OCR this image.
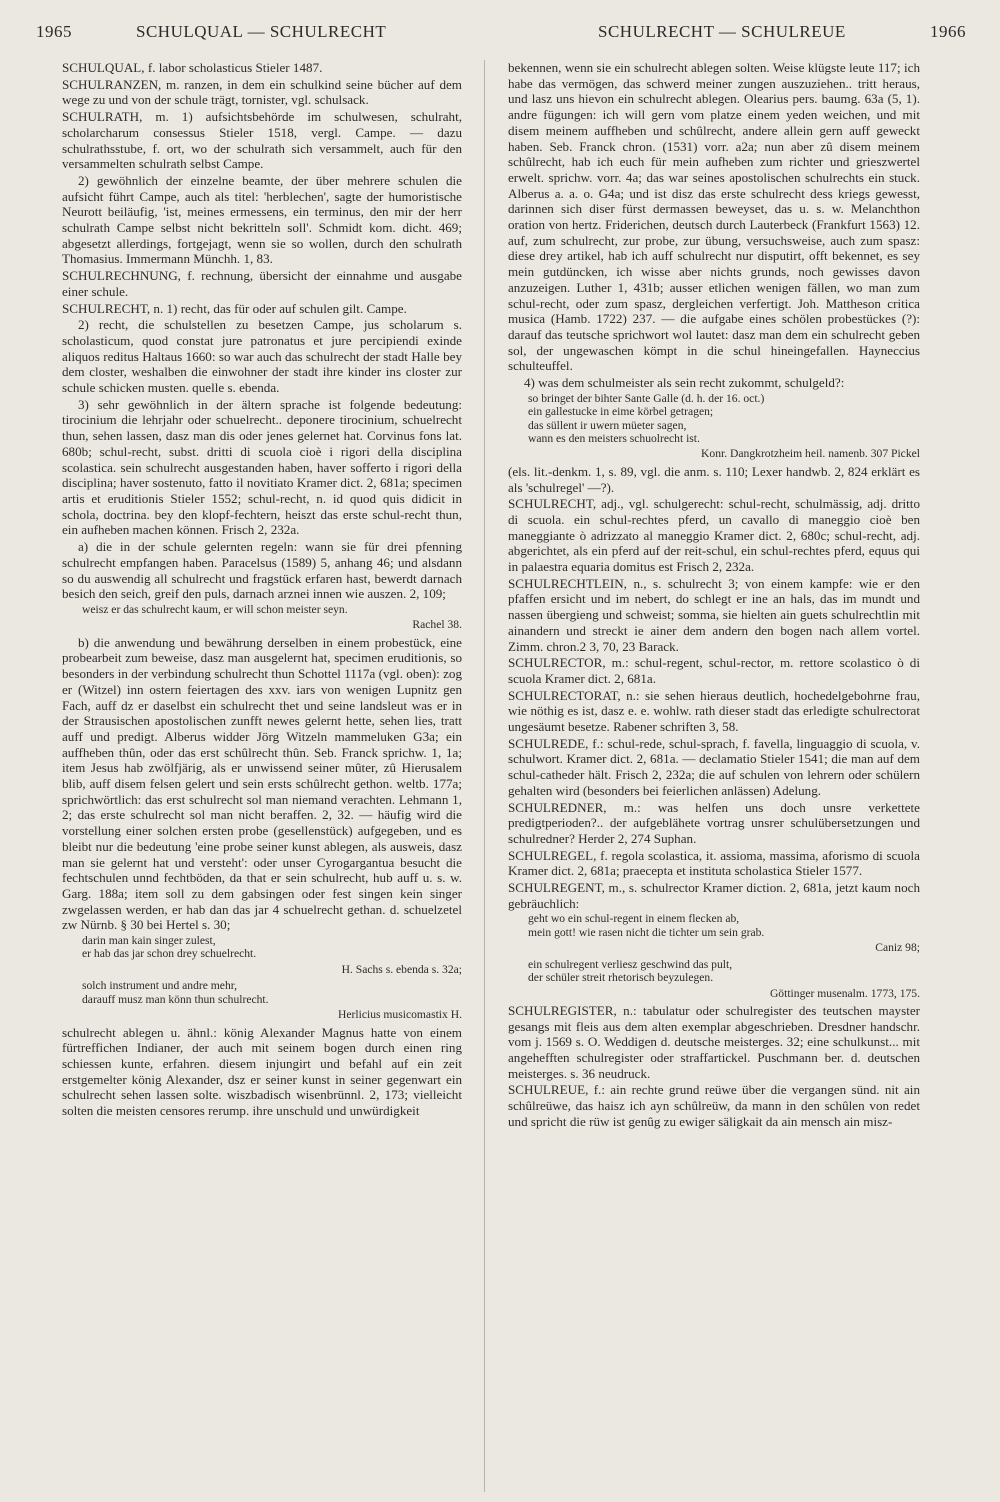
1965	SCHULQUAL — SCHULRECHT	SCHULRECHT — SCHULREUE	1966
SCHULQUAL, f. labor scholasticus Stieler 1487.
SCHULRANZEN, m. ranzen, in dem ein schulkind seine bücher auf dem wege zu und von der schule trägt, tornister, vgl. schulsack.
SCHULRATH, m. 1) aufsichtsbehörde im schulwesen, schulraht, scholarcharum consessus Stieler 1518, vergl. Campe. — dazu schulrathsstube, f. ort, wo der schulrath sich versammelt, auch für den versammelten schulrath selbst Campe.
2) gewöhnlich der einzelne beamte, der über mehrere schulen die aufsicht führt Campe, auch als titel: 'herblechen', sagte der humoristische Neurott beiläufig, 'ist, meines ermessens, ein terminus, den mir der herr schulrath Campe selbst nicht bekritteln soll'. Schmidt kom. dicht. 469; abgesetzt allerdings, fortgejagt, wenn sie so wollen, durch den schulrath Thomasius. Immermann Münchh. 1, 83.
SCHULRECHNUNG, f. rechnung, übersicht der einnahme und ausgabe einer schule.
SCHULRECHT, n. 1) recht, das für oder auf schulen gilt. Campe.
2) recht, die schulstellen zu besetzen Campe, jus scholarum s. scholasticum, quod constat jure patronatus et jure percipiendi exinde aliquos reditus Haltaus 1660: so war auch das schulrecht der stadt Halle bey dem closter, weshalben die einwohner der stadt ihre kinder ins closter zur schule schicken musten. quelle s. ebenda.
3) sehr gewöhnlich in der ältern sprache ist folgende bedeutung: tirocinium die lehrjahr oder schuelrecht.. deponere tirocinium, schuelrecht thun, sehen lassen, dasz man dis oder jenes gelernet hat. Corvinus fons lat. 680b; schul-recht, subst. dritti di scuola cioè i rigori della disciplina scolastica. sein schulrecht ausgestanden haben, haver sofferto i rigori della disciplina; haver sostenuto, fatto il novitiato Kramer dict. 2, 681a; specimen artis et eruditionis Stieler 1552; schul-recht, n. id quod quis didicit in schola, doctrina. bey den klopf-fechtern, heiszt das erste schul-recht thun, ein aufheben machen können. Frisch 2, 232a.
a) die in der schule gelernten regeln: wann sie für drei pfenning schulrecht empfangen haben. Paracelsus (1589) 5, anhang 46; und alsdann so du auswendig all schulrecht und fragstück erfaren hast, bewerdt darnach besich den seich, greif den puls, darnach arznei innen wie auszen. 2, 109;
weisz er das schulrecht kaum, er will schon meister seyn.
Rachel 38.
b) die anwendung und bewährung derselben in einem probestück, eine probearbeit zum beweise, dasz man ausgelernt hat, specimen eruditionis, so besonders in der verbindung schulrecht thun Schottel 1117a (vgl. oben): zog er (Witzel) inn ostern feiertagen des xxv. iars von wenigen Lupnitz gen Fach, auff dz er daselbst ein schulrecht thet und seine landsleut was er in der Strausischen apostolischen zunfft newes gelernt hette, sehen lies, tratt auff und predigt. Alberus widder Jörg Witzeln mammeluken G3a; ein auffheben thûn, oder das erst schûlrecht thûn. Seb. Franck sprichw. 1, 1a; item Jesus hab zwölfjärig, als er unwissend seiner mûter, zû Hierusalem blib, auff disem felsen gelert und sein ersts schûlrecht gethon. weltb. 177a; sprichwörtlich: das erst schulrecht sol man niemand verachten. Lehmann 1, 2; das erste schulrecht sol man nicht beraffen. 2, 32. — häufig wird die vorstellung einer solchen ersten probe (gesellenstück) aufgegeben, und es bleibt nur die bedeutung 'eine probe seiner kunst ablegen, als ausweis, dasz man sie gelernt hat und versteht': oder unser Cyrogargantua besucht die fechtschulen unnd fechtböden, da that er sein schulrecht, hub auff u. s. w. Garg. 188a; item soll zu dem gabsingen oder fest singen kein singer zwgelassen werden, er hab dan das jar 4 schuelrecht gethan. d. schuelzetel zw Nürnb. § 30 bei Hertel s. 30;
darin man kain singer zulest,
er hab das jar schon drey schuelrecht.
H. Sachs s. ebenda s. 32a;
solch instrument und andre mehr,
darauff musz man könn thun schulrecht.
Herlicius musicomastix H.
schulrecht ablegen u. ähnl.: könig Alexander Magnus hatte von einem fürtreffichen Indianer, der auch mit seinem bogen durch einen ring schiessen kunte, erfahren. diesem injungirt und befahl auf ein zeit erstgemelter könig Alexander, dsz er seiner kunst in seiner gegenwart ein schulrecht sehen lassen solte. wiszbadisch wisenbrünnl. 2, 173; vielleicht solten die meisten censores rerump. ihre unschuld und unwürdigkeit
bekennen, wenn sie ein schulrecht ablegen solten. Weise klügste leute 117; ich habe das vermögen, das schwerd meiner zungen auszuziehen.. tritt heraus, und lasz uns hievon ein schulrecht ablegen. Olearius pers. baumg. 63a (5, 1). andre fügungen: ich will gern vom platze einem yeden weichen, und mit disem meinem auffheben und schûlrecht, andere allein gern auff geweckt haben. Seb. Franck chron. (1531) vorr. a2a; nun aber zû disem meinem schûlrecht, hab ich euch für mein aufheben zum richter und grieszwertel erwelt. sprichw. vorr. 4a; das war seines apostolischen schulrechts ein stuck. Alberus a. a. o. G4a; und ist disz das erste schulrecht dess kriegs gewesst, darinnen sich diser fürst dermassen beweyset, das u. s. w. Melanchthon oration von hertz. Friderichen, deutsch durch Lauterbeck (Frankfurt 1563) 12. auf, zum schulrecht, zur probe, zur übung, versuchsweise, auch zum spasz: diese drey artikel, hab ich auff schulrecht nur disputirt, offt bekennet, es sey mein gutdüncken, ich wisse aber nichts grunds, noch gewisses davon anzuzeigen. Luther 1, 431b; ausser etlichen wenigen fällen, wo man zum schul-recht, oder zum spasz, dergleichen verfertigt. Joh. Mattheson critica musica (Hamb. 1722) 237. — die aufgabe eines schölen probestückes (?): darauf das teutsche sprichwort wol lautet: dasz man dem ein schulrecht geben sol, der ungewaschen kömpt in die schul hineingefallen. Hayneccius schulteuffel.
4) was dem schulmeister als sein recht zukommt, schulgeld?:
so bringet der bihter Sante Galle (d. h. der 16. oct.)
ein gallestucke in eime körbel getragen;
das süllent ir uwern müeter sagen,
wann es den meisters schuolrecht ist.
Konr. Dangkrotzheim heil. namenb. 307 Pickel
(els. lit.-denkm. 1, s. 89, vgl. die anm. s. 110; Lexer handwb. 2, 824 erklärt es als 'schulregel' —?).
SCHULRECHT, adj., vgl. schulgerecht: schul-recht, schulmässig, adj. dritto di scuola. ein schul-rechtes pferd, un cavallo di maneggio cioè ben maneggiante ò adrizzato al maneggio Kramer dict. 2, 680c; schul-recht, adj. abgerichtet, als ein pferd auf der reit-schul, ein schul-rechtes pferd, equus qui in palaestra equaria domitus est Frisch 2, 232a.
SCHULRECHTLEIN, n., s. schulrecht 3; von einem kampfe: wie er den pfaffen ersicht und im nebert, do schlegt er ine an hals, das im mundt und nassen übergieng und schweist; somma, sie hielten ain guets schulrechtlin mit ainandern und streckt ie ainer dem andern den bogen nach allem vortel. Zimm. chron.2 3, 70, 23 Barack.
SCHULRECTOR, m.: schul-regent, schul-rector, m. rettore scolastico ò di scuola Kramer dict. 2, 681a.
SCHULRECTORAT, n.: sie sehen hieraus deutlich, hochedelgebohrne frau, wie nöthig es ist, dasz e. e. wohlw. rath dieser stadt das erledigte schulrectorat ungesäumt besetze. Rabener schriften 3, 58.
SCHULREDE, f.: schul-rede, schul-sprach, f. favella, linguaggio di scuola, v. schulwort. Kramer dict. 2, 681a. — declamatio Stieler 1541; die man auf dem schul-catheder hält. Frisch 2, 232a; die auf schulen von lehrern oder schülern gehalten wird (besonders bei feierlichen anlässen) Adelung.
SCHULREDNER, m.: was helfen uns doch unsre verkettete predigtperioden?.. der aufgeblähete vortrag unsrer schulübersetzungen und schulredner? Herder 2, 274 Suphan.
SCHULREGEL, f. regola scolastica, it. assioma, massima, aforismo di scuola Kramer dict. 2, 681a; praecepta et instituta scholastica Stieler 1577.
SCHULREGENT, m., s. schulrector Kramer diction. 2, 681a, jetzt kaum noch gebräuchlich:
geht wo ein schul-regent in einem flecken ab,
mein gott! wie rasen nicht die tichter um sein grab.
Caniz 98;
ein schulregent verliesz geschwind das pult,
der schüler streit rhetorisch beyzulegen.
Göttinger musenalm. 1773, 175.
SCHULREGISTER, n.: tabulatur oder schulregister des teutschen mayster gesangs mit fleis aus dem alten exemplar abgeschrieben. Dresdner handschr. vom j. 1569 s. O. Weddigen d. deutsche meisterges. 32; eine schulkunst... mit angehefften schulregister oder straffartickel. Puschmann ber. d. deutschen meisterges. s. 36 neudruck.
SCHULREUE, f.: ain rechte grund reüwe über die vergangen sünd. nit ain schûlreüwe, das haisz ich ayn schûlreüw, da mann in den schûlen von redet und spricht die rüw ist genûg zu ewiger säligkait da ain mensch ain misz-
